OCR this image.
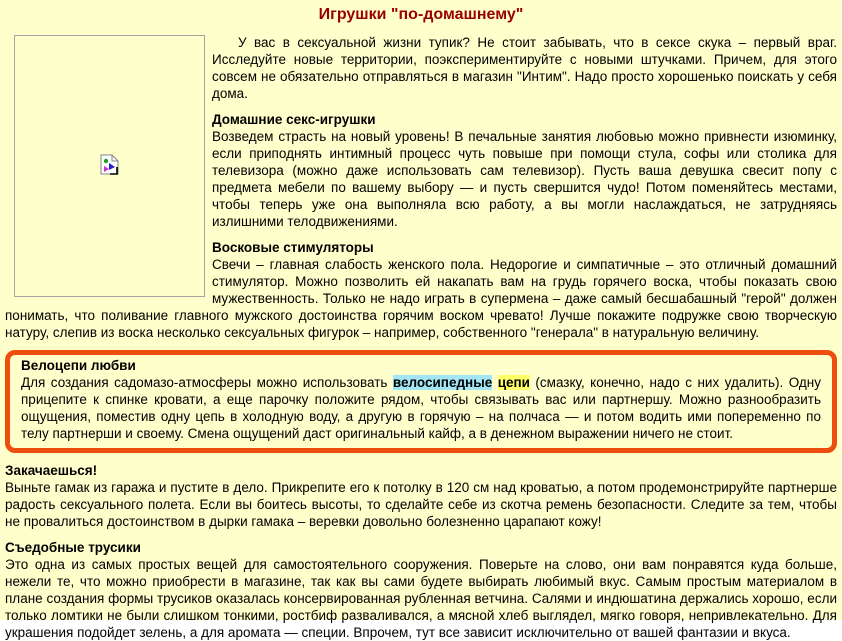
Игрушки "по-домашнему"

У вас в сексуальной жизни тупик? Не стоит забывать, что в сексе скука – первый враг. Исследуйте новые территории, поэкспериментируйте с новыми штучками. Причем, для этого совсем не обязательно отправляться в магазин "Интим". Надо просто хорошенько поискать у себя дома.

Домашние секс-игрушки
Возведем страсть на новый уровень! В печальные занятия любовью можно привнести изюминку, если приподнять интимный процесс чуть повыше при помощи стула, софы или столика для телевизора (можно даже использовать сам телевизор). Пусть ваша девушка свесит попу с предмета мебели по вашему выбору — и пусть свершится чудо! Потом поменяйтесь местами, чтобы теперь уже она выполняла всю работу, а вы могли наслаждаться, не затрудняясь излишними телодвижениями.

Восковые стимуляторы
Свечи – главная слабость женского пола. Недорогие и симпатичные – это отличный домашний стимулятор. Можно позволить ей накапать вам на грудь горячего воска, чтобы показать свою мужественность. Только не надо играть в супермена – даже самый бесшабашный "герой" должен понимать, что поливание главного мужского достоинства горячим воском чревато! Лучше покажите подружке свою творческую натуру, слепив из воска несколько сексуальных фигурок – например, собственного "генерала" в натуральную величину.

Велоцепи любви
Для создания садомазо-атмосферы можно использовать велосипедные цепи (смазку, конечно, надо с них удалить). Одну прицепите к спинке кровати, а еще парочку положите рядом, чтобы связывать вас или партнершу. Можно разнообразить ощущения, поместив одну цепь в холодную воду, а другую в горячую – на полчаса — и потом водить ими попеременно по телу партнерши и своему. Смена ощущений даст оригинальный кайф, а в денежном выражении ничего не стоит.

Закачаешься!
Выньте гамак из гаража и пустите в дело. Прикрепите его к потолку в 120 см над кроватью, а потом продемонстрируйте партнерше радость сексуального полета. Если вы боитесь высоты, то сделайте себе из скотча ремень безопасности. Следите за тем, чтобы не провалиться достоинством в дырки гамака – веревки довольно болезненно царапают кожу!

Съедобные трусики
Это одна из самых простых вещей для самостоятельного сооружения. Поверьте на слово, они вам понравятся куда больше, нежели те, что можно приобрести в магазине, так как вы сами будете выбирать любимый вкус. Самым простым материалом в плане создания формы трусиков оказалась консервированная рубленная ветчина. Салями и индюшатина держались хорошо, если только ломтики не были слишком тонкими, ростбиф разваливался, а мясной хлеб выглядел, мягко говоря, непривлекательно. Для украшения подойдет зелень, а для аромата — специи. Впрочем, тут все зависит исключительно от вашей фантазии и вкуса.
